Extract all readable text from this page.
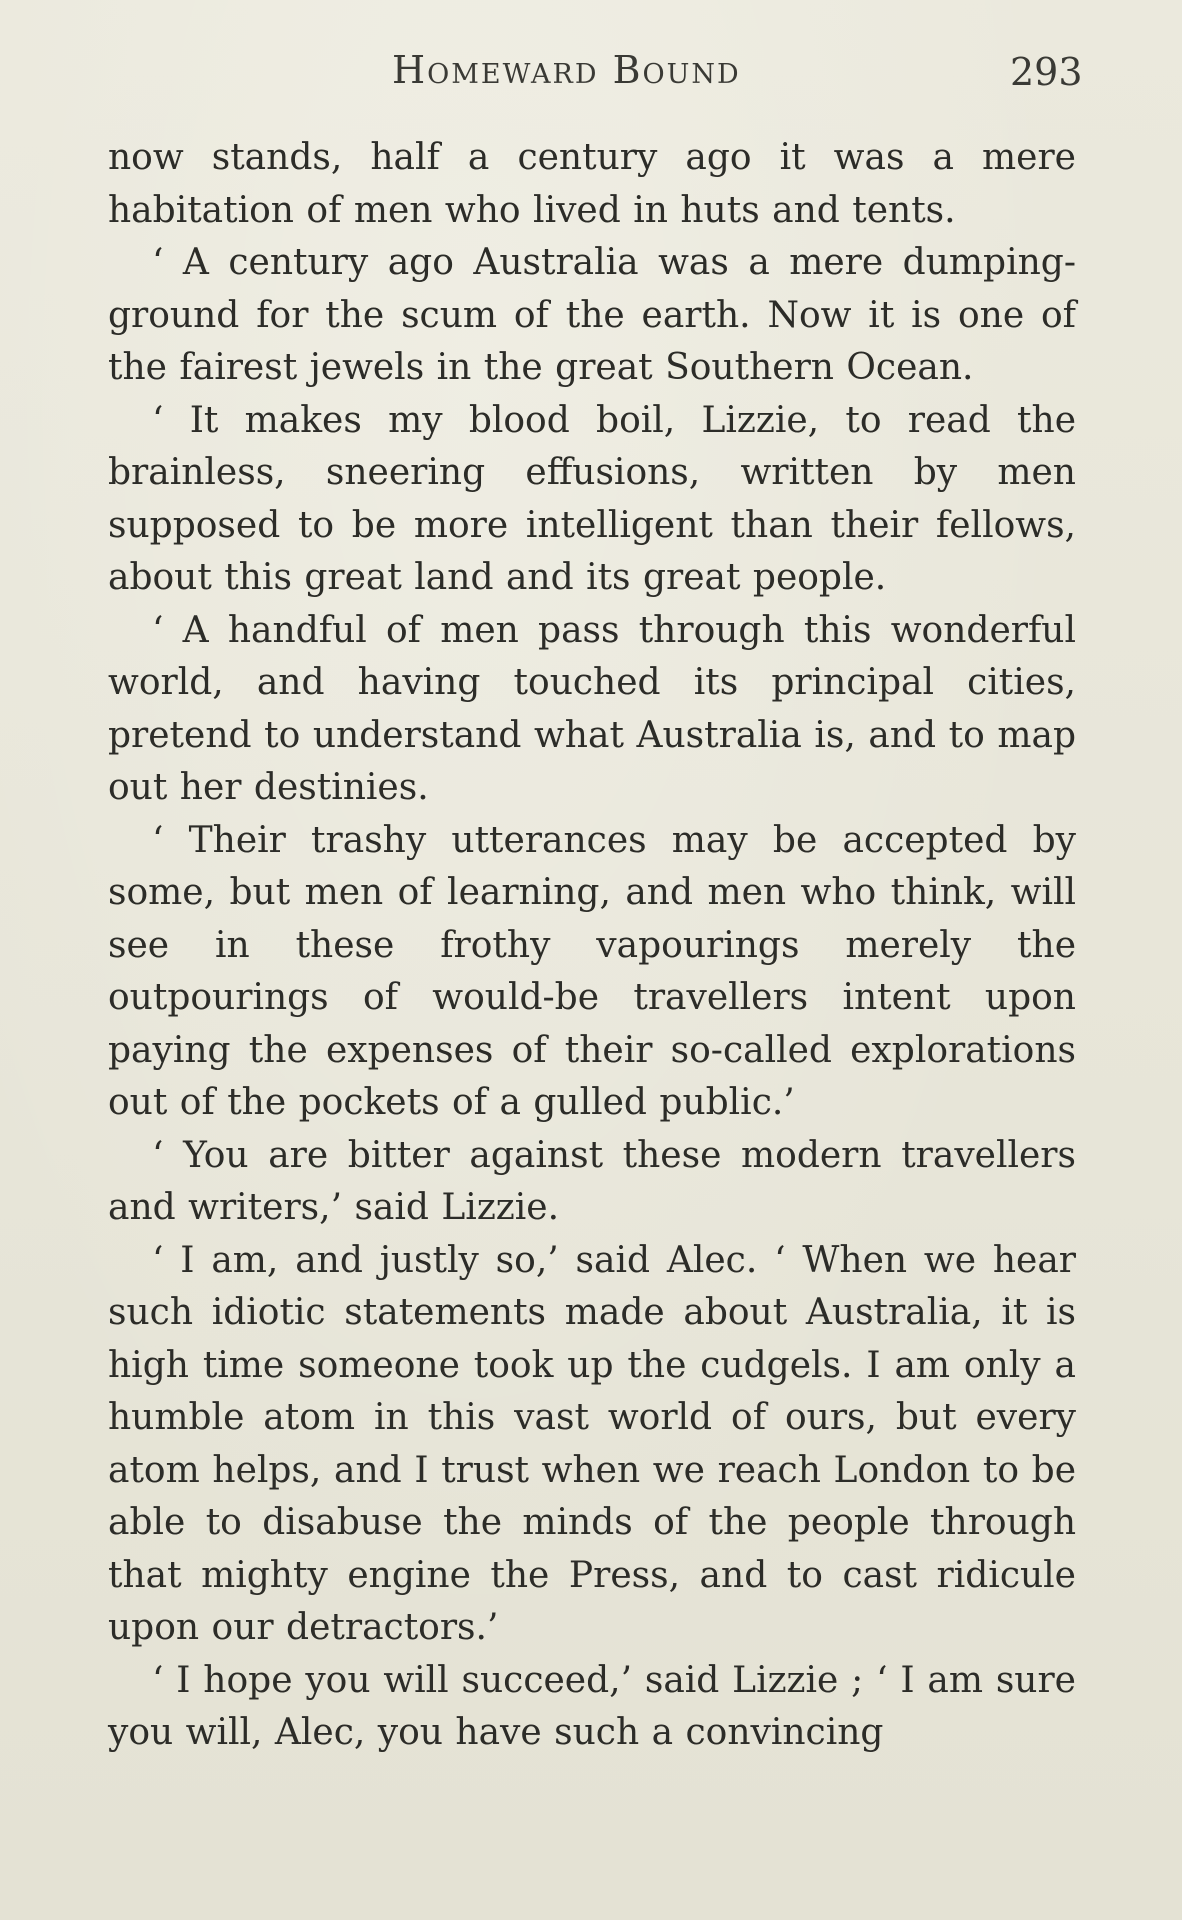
Homeward Bound	293

now stands, half a century ago it was a mere habitation of men who lived in huts and tents.

‘ A century ago Australia was a mere dumping-ground for the scum of the earth. Now it is one of the fairest jewels in the great Southern Ocean.

‘ It makes my blood boil, Lizzie, to read the brainless, sneering effusions, written by men supposed to be more intelligent than their fellows, about this great land and its great people.

‘ A handful of men pass through this wonderful world, and having touched its principal cities, pretend to understand what Australia is, and to map out her destinies.

‘ Their trashy utterances may be accepted by some, but men of learning, and men who think, will see in these frothy vapourings merely the outpourings of would-be travellers intent upon paying the expenses of their so-called explorations out of the pockets of a gulled public.’

‘ You are bitter against these modern travellers and writers,’ said Lizzie.

‘ I am, and justly so,’ said Alec. ‘ When we hear such idiotic statements made about Australia, it is high time someone took up the cudgels. I am only a humble atom in this vast world of ours, but every atom helps, and I trust when we reach London to be able to disabuse the minds of the people through that mighty engine the Press, and to cast ridicule upon our detractors.’

‘ I hope you will succeed,’ said Lizzie ; ‘ I am sure you will, Alec, you have such a convincing
